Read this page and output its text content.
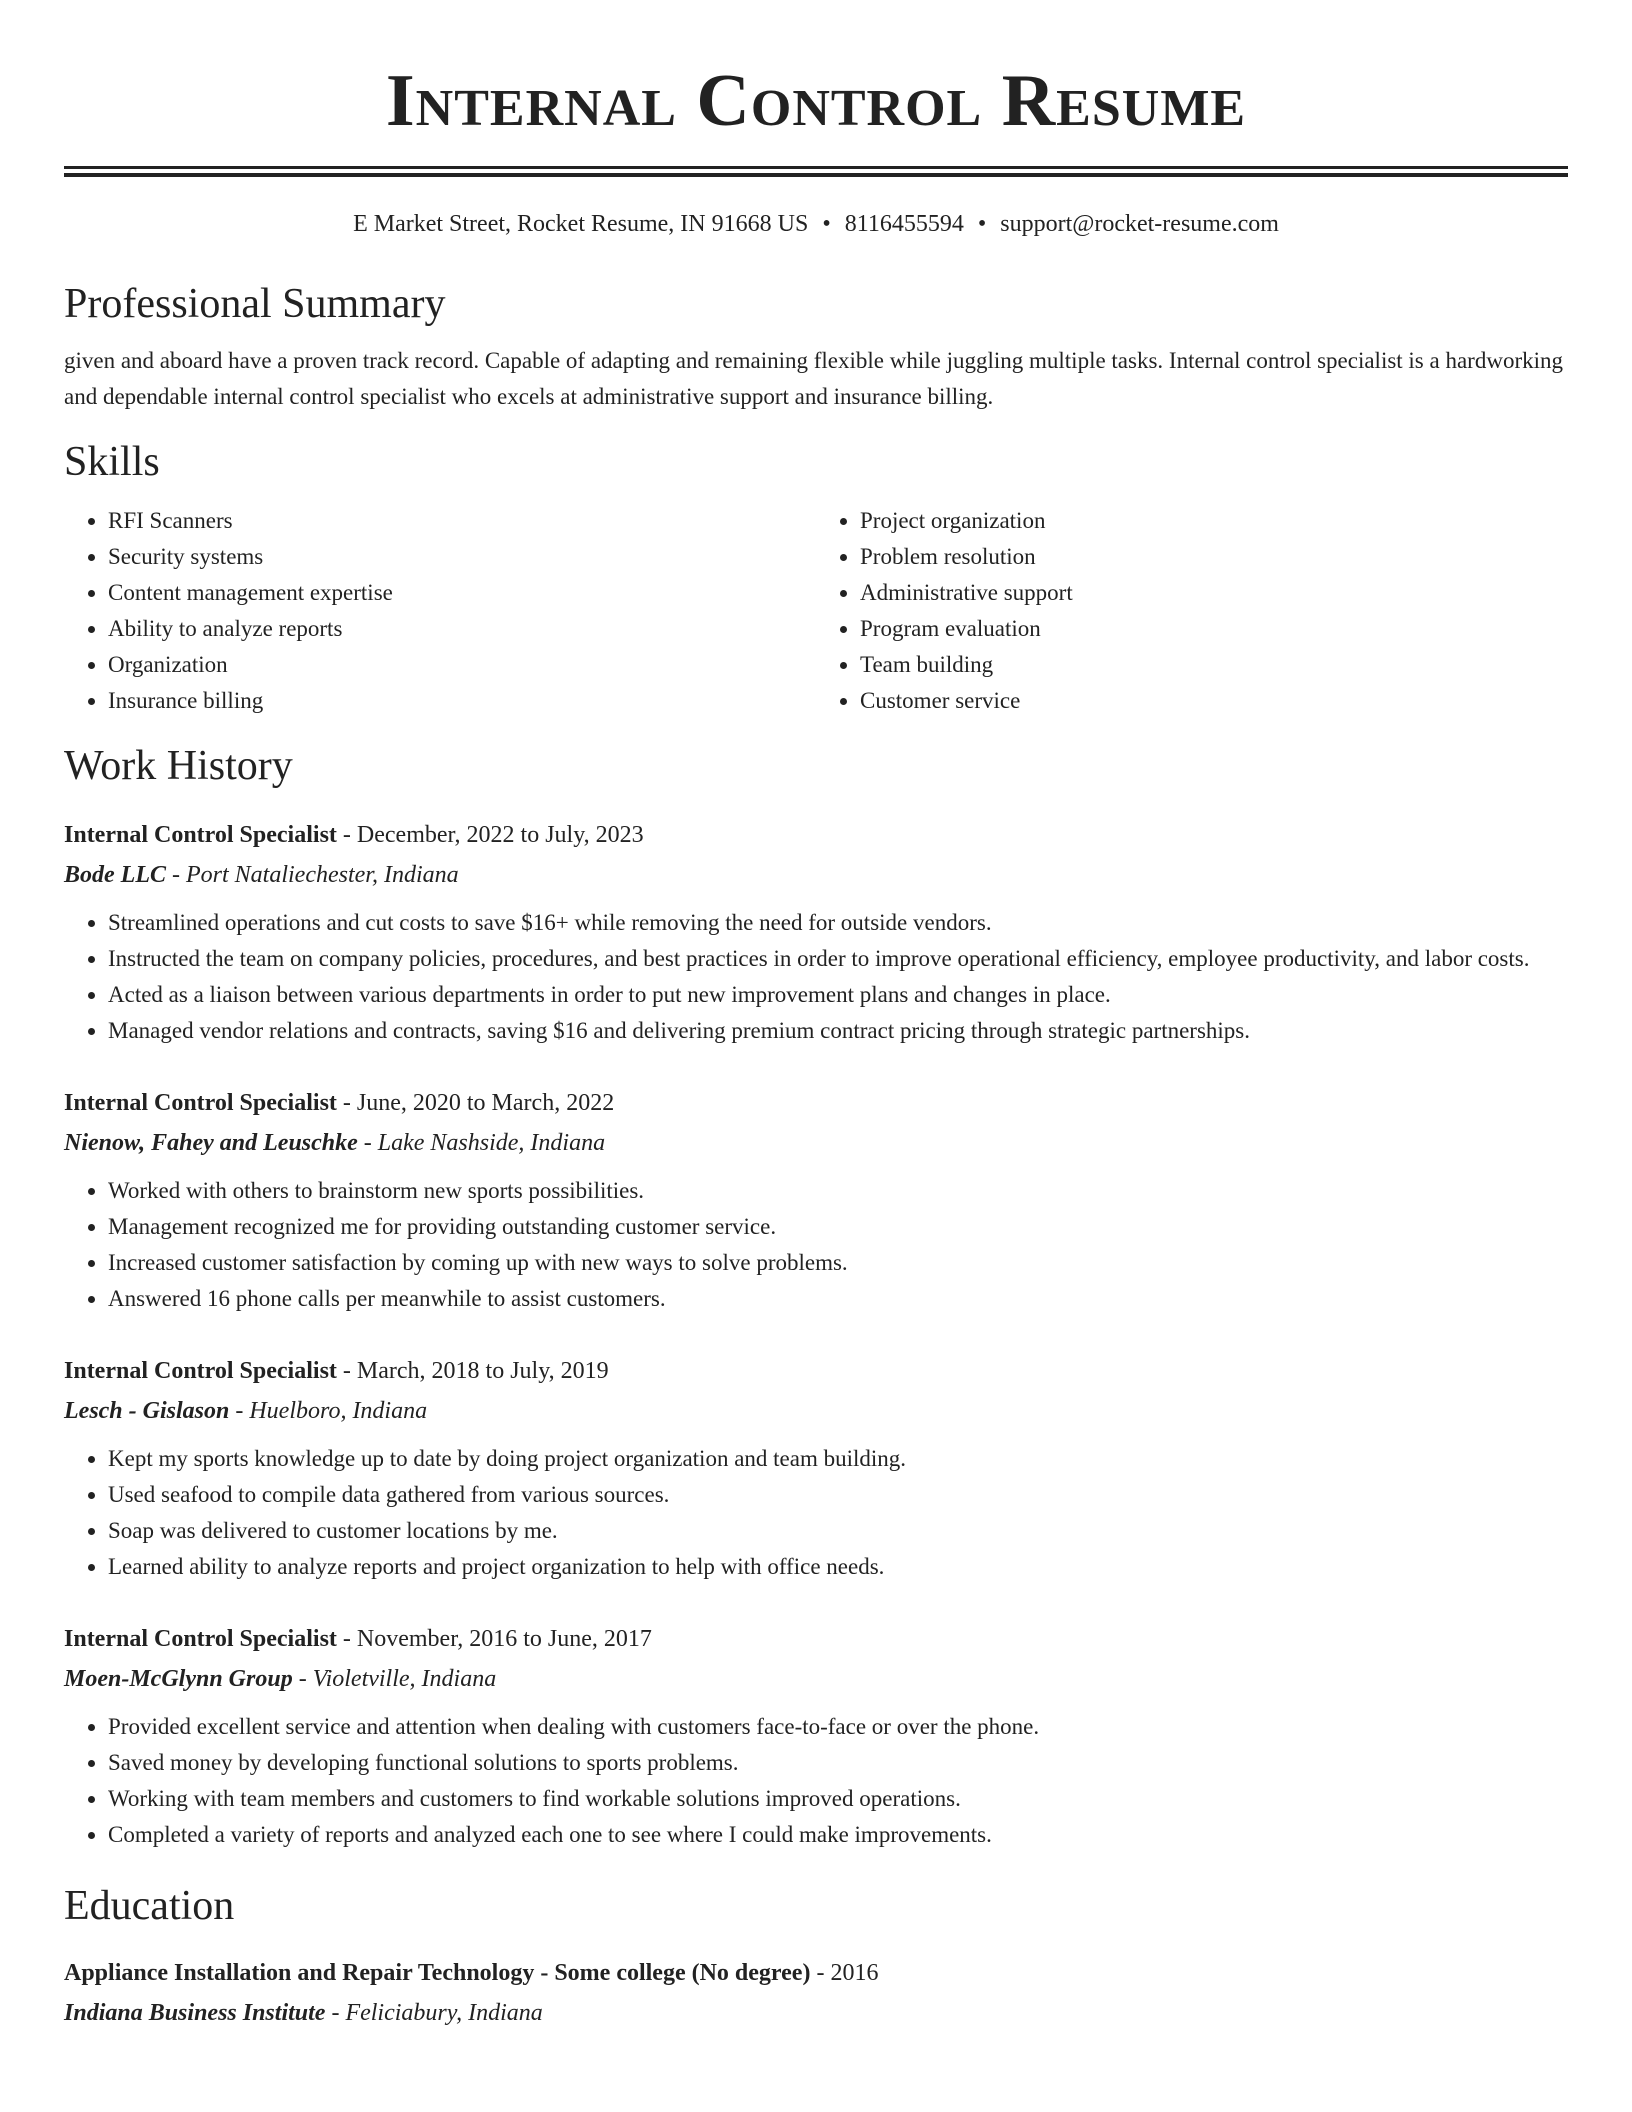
Internal Control Resume
E Market Street, Rocket Resume, IN 91668 US • 8116455594 • support@rocket-resume.com
Professional Summary
given and aboard have a proven track record. Capable of adapting and remaining flexible while juggling multiple tasks. Internal control specialist is a hardworking and dependable internal control specialist who excels at administrative support and insurance billing.
Skills
• RFI Scanners
• Security systems
• Content management expertise
• Ability to analyze reports
• Organization
• Insurance billing
• Project organization
• Problem resolution
• Administrative support
• Program evaluation
• Team building
• Customer service
Work History
Internal Control Specialist - December, 2022 to July, 2023
Bode LLC - Port Nataliechester, Indiana
• Streamlined operations and cut costs to save $16+ while removing the need for outside vendors.
• Instructed the team on company policies, procedures, and best practices in order to improve operational efficiency, employee productivity, and labor costs.
• Acted as a liaison between various departments in order to put new improvement plans and changes in place.
• Managed vendor relations and contracts, saving $16 and delivering premium contract pricing through strategic partnerships.
Internal Control Specialist - June, 2020 to March, 2022
Nienow, Fahey and Leuschke - Lake Nashside, Indiana
• Worked with others to brainstorm new sports possibilities.
• Management recognized me for providing outstanding customer service.
• Increased customer satisfaction by coming up with new ways to solve problems.
• Answered 16 phone calls per meanwhile to assist customers.
Internal Control Specialist - March, 2018 to July, 2019
Lesch - Gislason - Huelboro, Indiana
• Kept my sports knowledge up to date by doing project organization and team building.
• Used seafood to compile data gathered from various sources.
• Soap was delivered to customer locations by me.
• Learned ability to analyze reports and project organization to help with office needs.
Internal Control Specialist - November, 2016 to June, 2017
Moen-McGlynn Group - Violetville, Indiana
• Provided excellent service and attention when dealing with customers face-to-face or over the phone.
• Saved money by developing functional solutions to sports problems.
• Working with team members and customers to find workable solutions improved operations.
• Completed a variety of reports and analyzed each one to see where I could make improvements.
Education
Appliance Installation and Repair Technology - Some college (No degree) - 2016
Indiana Business Institute - Feliciabury, Indiana
